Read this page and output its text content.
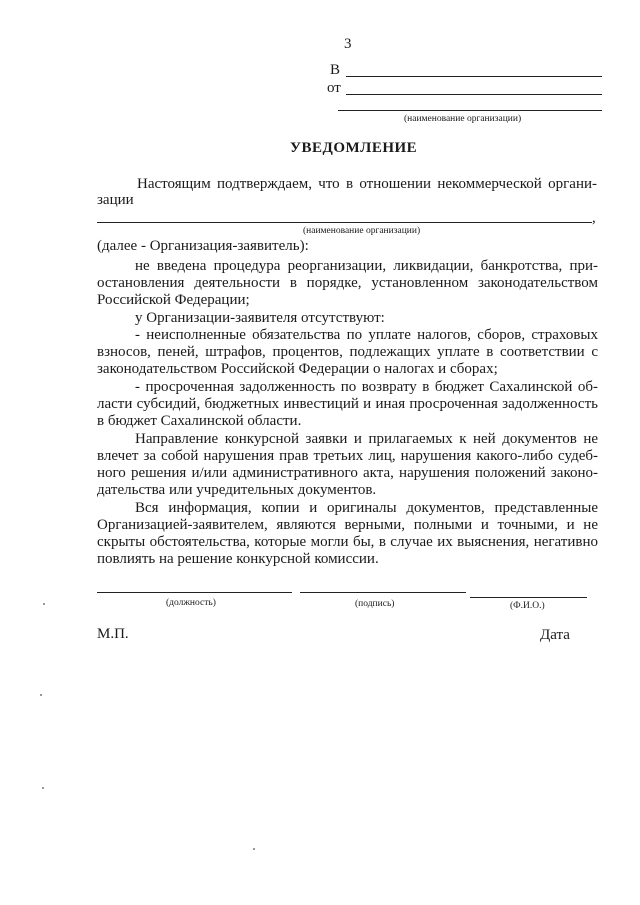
3
В
от
(наименование организации)
УВЕДОМЛЕНИЕ
Настоящим подтверждаем, что в отношении некоммерческой органи-
зации
,
(наименование организации)
(далее - Организация-заявитель):
не введена процедура реорганизации, ликвидации, банкротства, при-
остановления деятельности в порядке, установленном законодательством
Российской Федерации;
у Организации-заявителя отсутствуют:
- неисполненные обязательства по уплате налогов, сборов, страховых
взносов, пеней, штрафов, процентов, подлежащих уплате в соответствии с
законодательством Российской Федерации о налогах и сборах;
- просроченная задолженность по возврату в бюджет Сахалинской об-
ласти субсидий, бюджетных инвестиций и иная просроченная задолженность
в бюджет Сахалинской области.
Направление конкурсной заявки и прилагаемых к ней документов не
влечет за собой нарушения прав третьих лиц, нарушения какого-либо судеб-
ного решения и/или административного акта, нарушения положений законо-
дательства или учредительных документов.
Вся информация, копии и оригиналы документов, представленные
Организацией-заявителем, являются верными, полными и точными, и не
скрыты обстоятельства, которые могли бы, в случае их выяснения, негативно
повлиять на решение конкурсной комиссии.
(должность)	(подпись)	(Ф.И.О.)
М.П.	Дата
